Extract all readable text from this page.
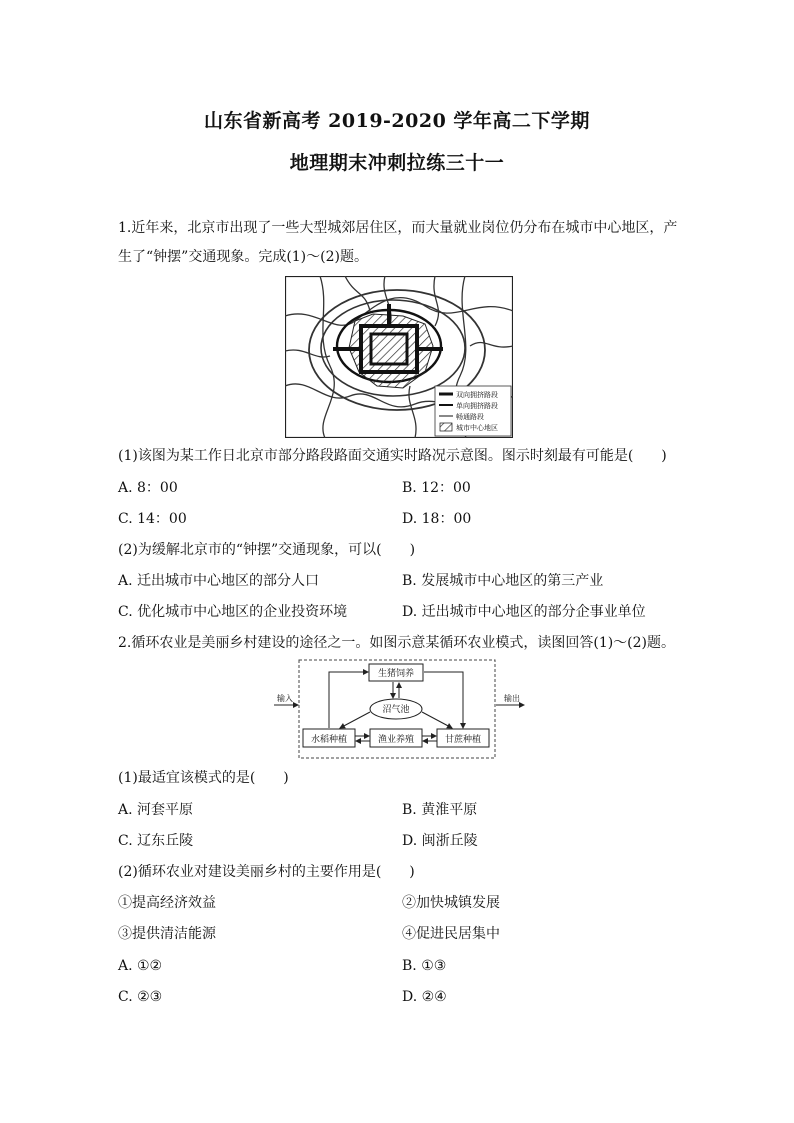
山东省新高考 2019-2020 学年高二下学期
地理期末冲刺拉练三十一
1.近年来，北京市出现了一些大型城郊居住区，而大量就业岗位仍分布在城市中心地区，产
生了“钟摆”交通现象。完成(1)～(2)题。
双向拥挤路段
单向拥挤路段
畅通路段
城市中心地区
(1)该图为某工作日北京市部分路段路面交通实时路况示意图。图示时刻最有可能是(　　)
A. 8：00	B. 12：00
C. 14：00	D. 18：00
(2)为缓解北京市的“钟摆”交通现象，可以(　　)
A. 迁出城市中心地区的部分人口	B. 发展城市中心地区的第三产业
C. 优化城市中心地区的企业投资环境	D. 迁出城市中心地区的部分企事业单位
2.循环农业是美丽乡村建设的途径之一。如图示意某循环农业模式，读图回答(1)～(2)题。
输入	输出
生猪饲养
沼气池
水稻种植	渔业养殖	甘蔗种植
(1)最适宜该模式的是(　　)
A. 河套平原	B. 黄淮平原
C. 辽东丘陵	D. 闽浙丘陵
(2)循环农业对建设美丽乡村的主要作用是(　　)
①提高经济效益	②加快城镇发展
③提供清洁能源	④促进民居集中
A. ①②	B. ①③
C. ②③	D. ②④
